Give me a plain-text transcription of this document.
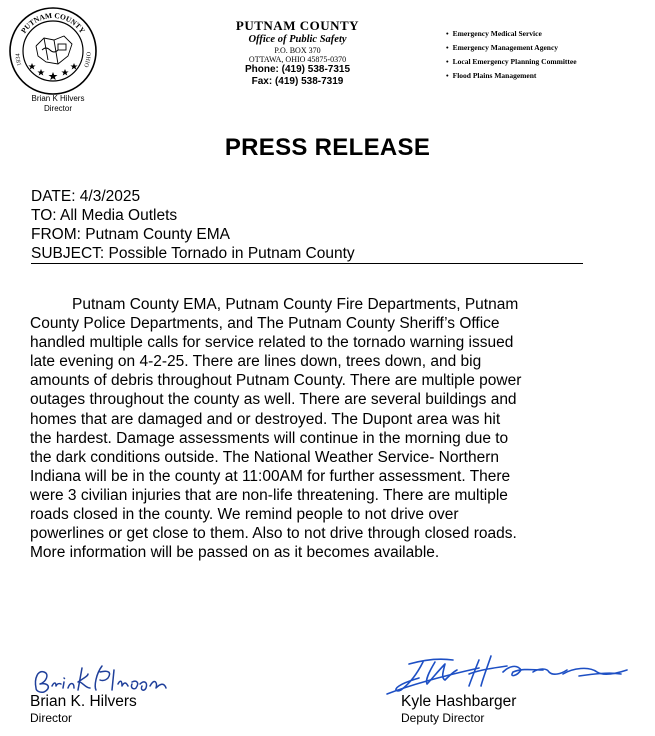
PUTNAM COUNTY
1834	OHIO
Brian K Hilvers
Director
PUTNAM COUNTY
Office of Public Safety
P.O. BOX 370
OTTAWA, OHIO 45875-0370
Phone: (419) 538-7315
Fax: (419) 538-7319
• Emergency Medical Service
• Emergency Management Agency
• Local Emergency Planning Committee
• Flood Plains Management
PRESS RELEASE
DATE: 4/3/2025
TO: All Media Outlets
FROM: Putnam County EMA
SUBJECT: Possible Tornado in Putnam County

Putnam County EMA, Putnam County Fire Departments, Putnam
County Police Departments, and The Putnam County Sheriff’s Office
handled multiple calls for service related to the tornado warning issued
late evening on 4-2-25. There are lines down, trees down, and big
amounts of debris throughout Putnam County. There are multiple power
outages throughout the county as well. There are several buildings and
homes that are damaged and or destroyed. The Dupont area was hit
the hardest. Damage assessments will continue in the morning due to
the dark conditions outside. The National Weather Service- Northern
Indiana will be in the county at 11:00AM for further assessment. There
were 3 civilian injuries that are non-life threatening. There are multiple
roads closed in the county. We remind people to not drive over
powerlines or get close to them. Also to not drive through closed roads.
More information will be passed on as it becomes available.

Brian K. Hilvers
Director
Kyle Hashbarger
Deputy Director
